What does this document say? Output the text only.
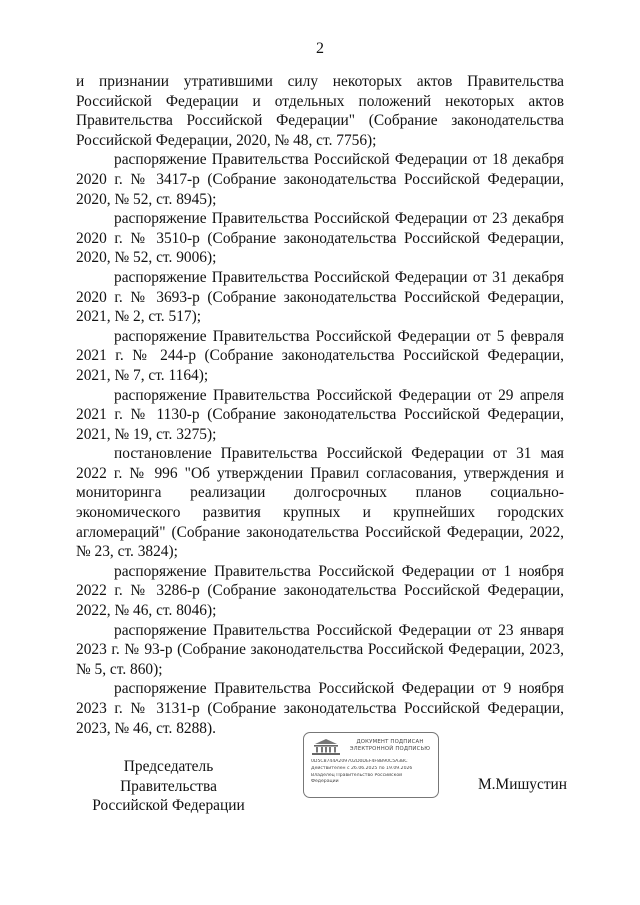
2

и признании утратившими силу некоторых актов Правительства Российской Федерации и отдельных положений некоторых актов Правительства Российской Федерации" (Собрание законодательства Российской Федерации, 2020, № 48, ст. 7756);

распоряжение Правительства Российской Федерации от 18 декабря 2020 г. № 3417-р (Собрание законодательства Российской Федерации, 2020, № 52, ст. 8945);

распоряжение Правительства Российской Федерации от 23 декабря 2020 г. № 3510-р (Собрание законодательства Российской Федерации, 2020, № 52, ст. 9006);

распоряжение Правительства Российской Федерации от 31 декабря 2020 г. № 3693-р (Собрание законодательства Российской Федерации, 2021, № 2, ст. 517);

распоряжение Правительства Российской Федерации от 5 февраля 2021 г. № 244-р (Собрание законодательства Российской Федерации, 2021, № 7, ст. 1164);

распоряжение Правительства Российской Федерации от 29 апреля 2021 г. № 1130-р (Собрание законодательства Российской Федерации, 2021, № 19, ст. 3275);

постановление Правительства Российской Федерации от 31 мая 2022 г. № 996 "Об утверждении Правил согласования, утверждения и мониторинга реализации долгосрочных планов социально-экономического развития крупных и крупнейших городских агломераций" (Собрание законодательства Российской Федерации, 2022, № 23, ст. 3824);

распоряжение Правительства Российской Федерации от 1 ноября 2022 г. № 3286-р (Собрание законодательства Российской Федерации, 2022, № 46, ст. 8046);

распоряжение Правительства Российской Федерации от 23 января 2023 г. № 93-р (Собрание законодательства Российской Федерации, 2023, № 5, ст. 860);

распоряжение Правительства Российской Федерации от 9 ноября 2023 г. № 3131-р (Собрание законодательства Российской Федерации, 2023, № 46, ст. 8288).

Председатель Правительства
Российской Федерации
ДОКУМЕНТ ПОДПИСАН
ЭЛЕКТРОННОЙ ПОДПИСЬЮ
0D5C8744A209702D0DEF4F8B90C5A3BC
Действителен с 26.06.2025 по 19.09.2026
Владелец Правительство Российской
Федерации	М.Мишустин
